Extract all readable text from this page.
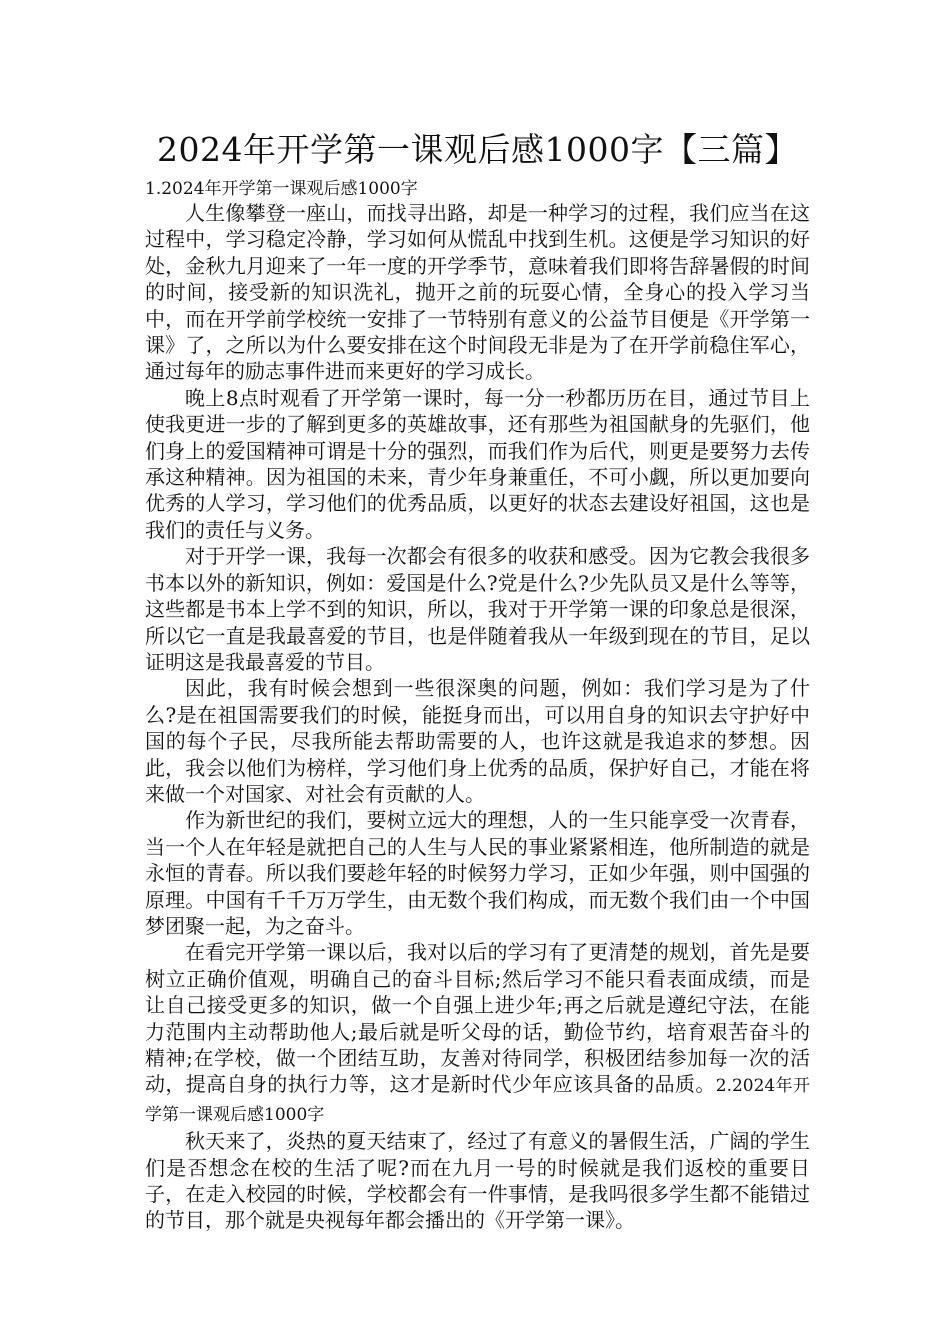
2024年开学第一课观后感1000字【三篇】
1.2024年开学第一课观后感1000字

人生像攀登一座山，而找寻出路，却是一种学习的过程，我们应当在这过程中，学习稳定冷静，学习如何从慌乱中找到生机。这便是学习知识的好处，金秋九月迎来了一年一度的开学季节，意味着我们即将告辞暑假的时间的时间，接受新的知识洗礼，抛开之前的玩耍心情，全身心的投入学习当中，而在开学前学校统一安排了一节特别有意义的公益节目便是《开学第一课》了，之所以为什么要安排在这个时间段无非是为了在开学前稳住军心，通过每年的励志事件进而来更好的学习成长。

晚上8点时观看了开学第一课时，每一分一秒都历历在目，通过节目上使我更进一步的了解到更多的英雄故事，还有那些为祖国献身的先驱们，他们身上的爱国精神可谓是十分的强烈，而我们作为后代，则更是要努力去传承这种精神。因为祖国的未来，青少年身兼重任，不可小觑，所以更加要向优秀的人学习，学习他们的优秀品质，以更好的状态去建设好祖国，这也是我们的责任与义务。

对于开学一课，我每一次都会有很多的收获和感受。因为它教会我很多书本以外的新知识，例如：爱国是什么?党是什么?少先队员又是什么等等，这些都是书本上学不到的知识，所以，我对于开学第一课的印象总是很深，所以它一直是我最喜爱的节目，也是伴随着我从一年级到现在的节目，足以证明这是我最喜爱的节目。

因此，我有时候会想到一些很深奥的问题，例如：我们学习是为了什么?是在祖国需要我们的时候，能挺身而出，可以用自身的知识去守护好中国的每个子民，尽我所能去帮助需要的人，也许这就是我追求的梦想。因此，我会以他们为榜样，学习他们身上优秀的品质，保护好自己，才能在将来做一个对国家、对社会有贡献的人。

作为新世纪的我们，要树立远大的理想，人的一生只能享受一次青春，当一个人在年轻是就把自己的人生与人民的事业紧紧相连，他所制造的就是永恒的青春。所以我们要趁年轻的时候努力学习，正如少年强，则中国强的原理。中国有千千万万学生，由无数个我们构成，而无数个我们由一个中国梦团聚一起，为之奋斗。

在看完开学第一课以后，我对以后的学习有了更清楚的规划，首先是要树立正确价值观，明确自己的奋斗目标;然后学习不能只看表面成绩，而是让自己接受更多的知识，做一个自强上进少年;再之后就是遵纪守法，在能力范围内主动帮助他人;最后就是听父母的话，勤俭节约，培育艰苦奋斗的精神;在学校，做一个团结互助，友善对待同学，积极团结参加每一次的活动，提高自身的执行力等，这才是新时代少年应该具备的品质。2.2024年开学第一课观后感1000字

秋天来了，炎热的夏天结束了，经过了有意义的暑假生活，广阔的学生们是否想念在校的生活了呢?而在九月一号的时候就是我们返校的重要日子，在走入校园的时候，学校都会有一件事情，是我吗很多学生都不能错过的节目，那个就是央视每年都会播出的《开学第一课》。
